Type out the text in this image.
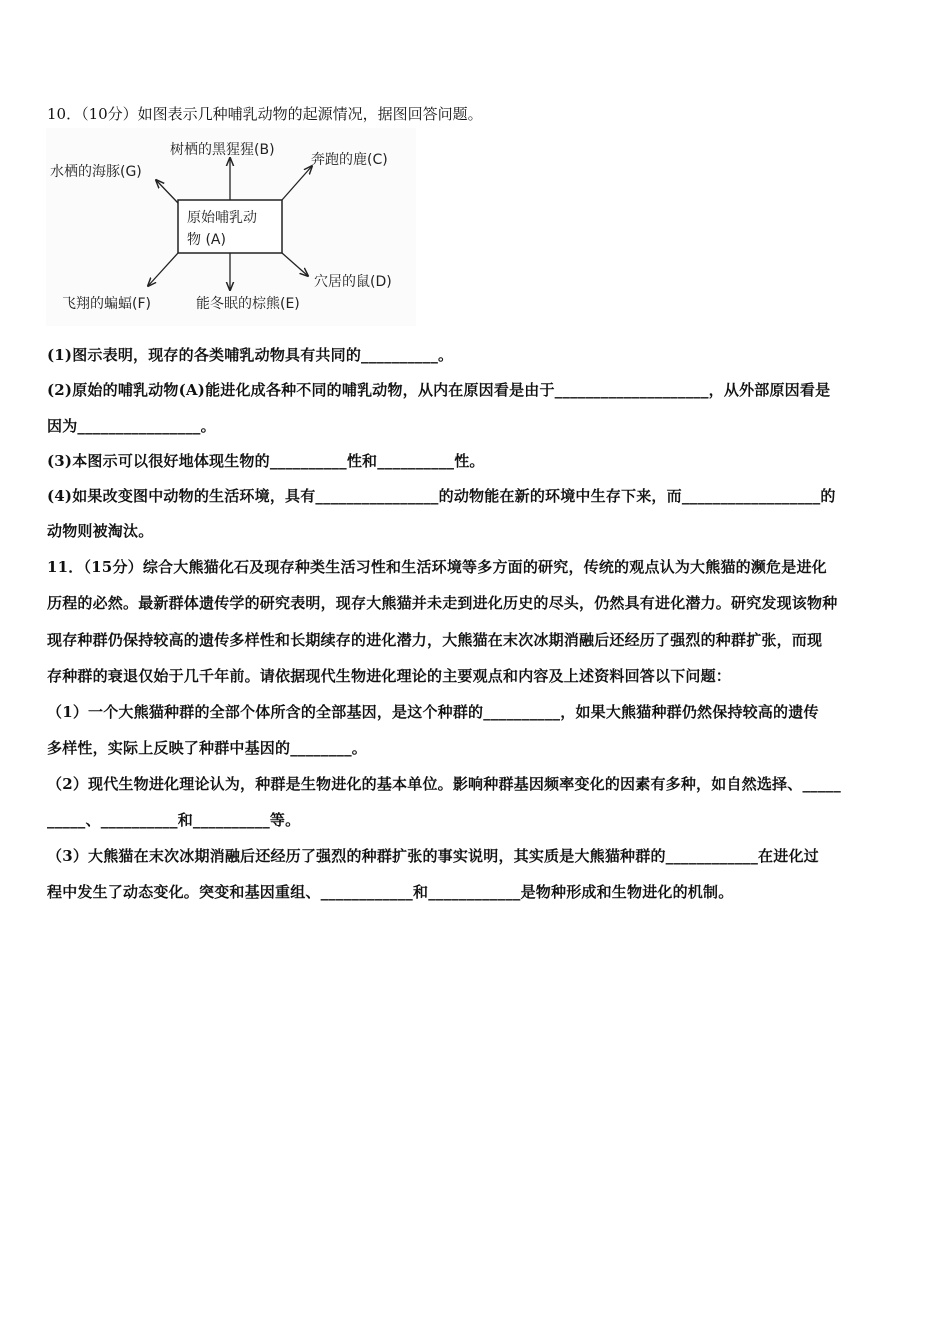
10．（10分）如图表示几种哺乳动物的起源情况，据图回答问题。
原始哺乳动
物 (A)
树栖的黑猩猩(B)
奔跑的鹿(C)
水栖的海豚(G)
穴居的鼠(D)
能冬眠的棕熊(E)
飞翔的蝙蝠(F)
(1)图示表明，现存的各类哺乳动物具有共同的__________。
(2)原始的哺乳动物(A)能进化成各种不同的哺乳动物，从内在原因看是由于____________________，从外部原因看是
因为________________。
(3)本图示可以很好地体现生物的__________性和__________性。
(4)如果改变图中动物的生活环境，具有________________的动物能在新的环境中生存下来，而__________________的
动物则被淘汰。
11．（15分）综合大熊猫化石及现存种类生活习性和生活环境等多方面的研究，传统的观点认为大熊猫的濒危是进化
历程的必然。最新群体遗传学的研究表明，现存大熊猫并未走到进化历史的尽头，仍然具有进化潜力。研究发现该物种
现存种群仍保持较高的遗传多样性和长期续存的进化潜力，大熊猫在末次冰期消融后还经历了强烈的种群扩张，而现
存种群的衰退仅始于几千年前。请依据现代生物进化理论的主要观点和内容及上述资料回答以下问题：
（1）一个大熊猫种群的全部个体所含的全部基因，是这个种群的__________，如果大熊猫种群仍然保持较高的遗传
多样性，实际上反映了种群中基因的________。
（2）现代生物进化理论认为，种群是生物进化的基本单位。影响种群基因频率变化的因素有多种，如自然选择、_____
_____、__________和__________等。
（3）大熊猫在末次冰期消融后还经历了强烈的种群扩张的事实说明，其实质是大熊猫种群的____________在进化过
程中发生了动态变化。突变和基因重组、____________和____________是物种形成和生物进化的机制。
